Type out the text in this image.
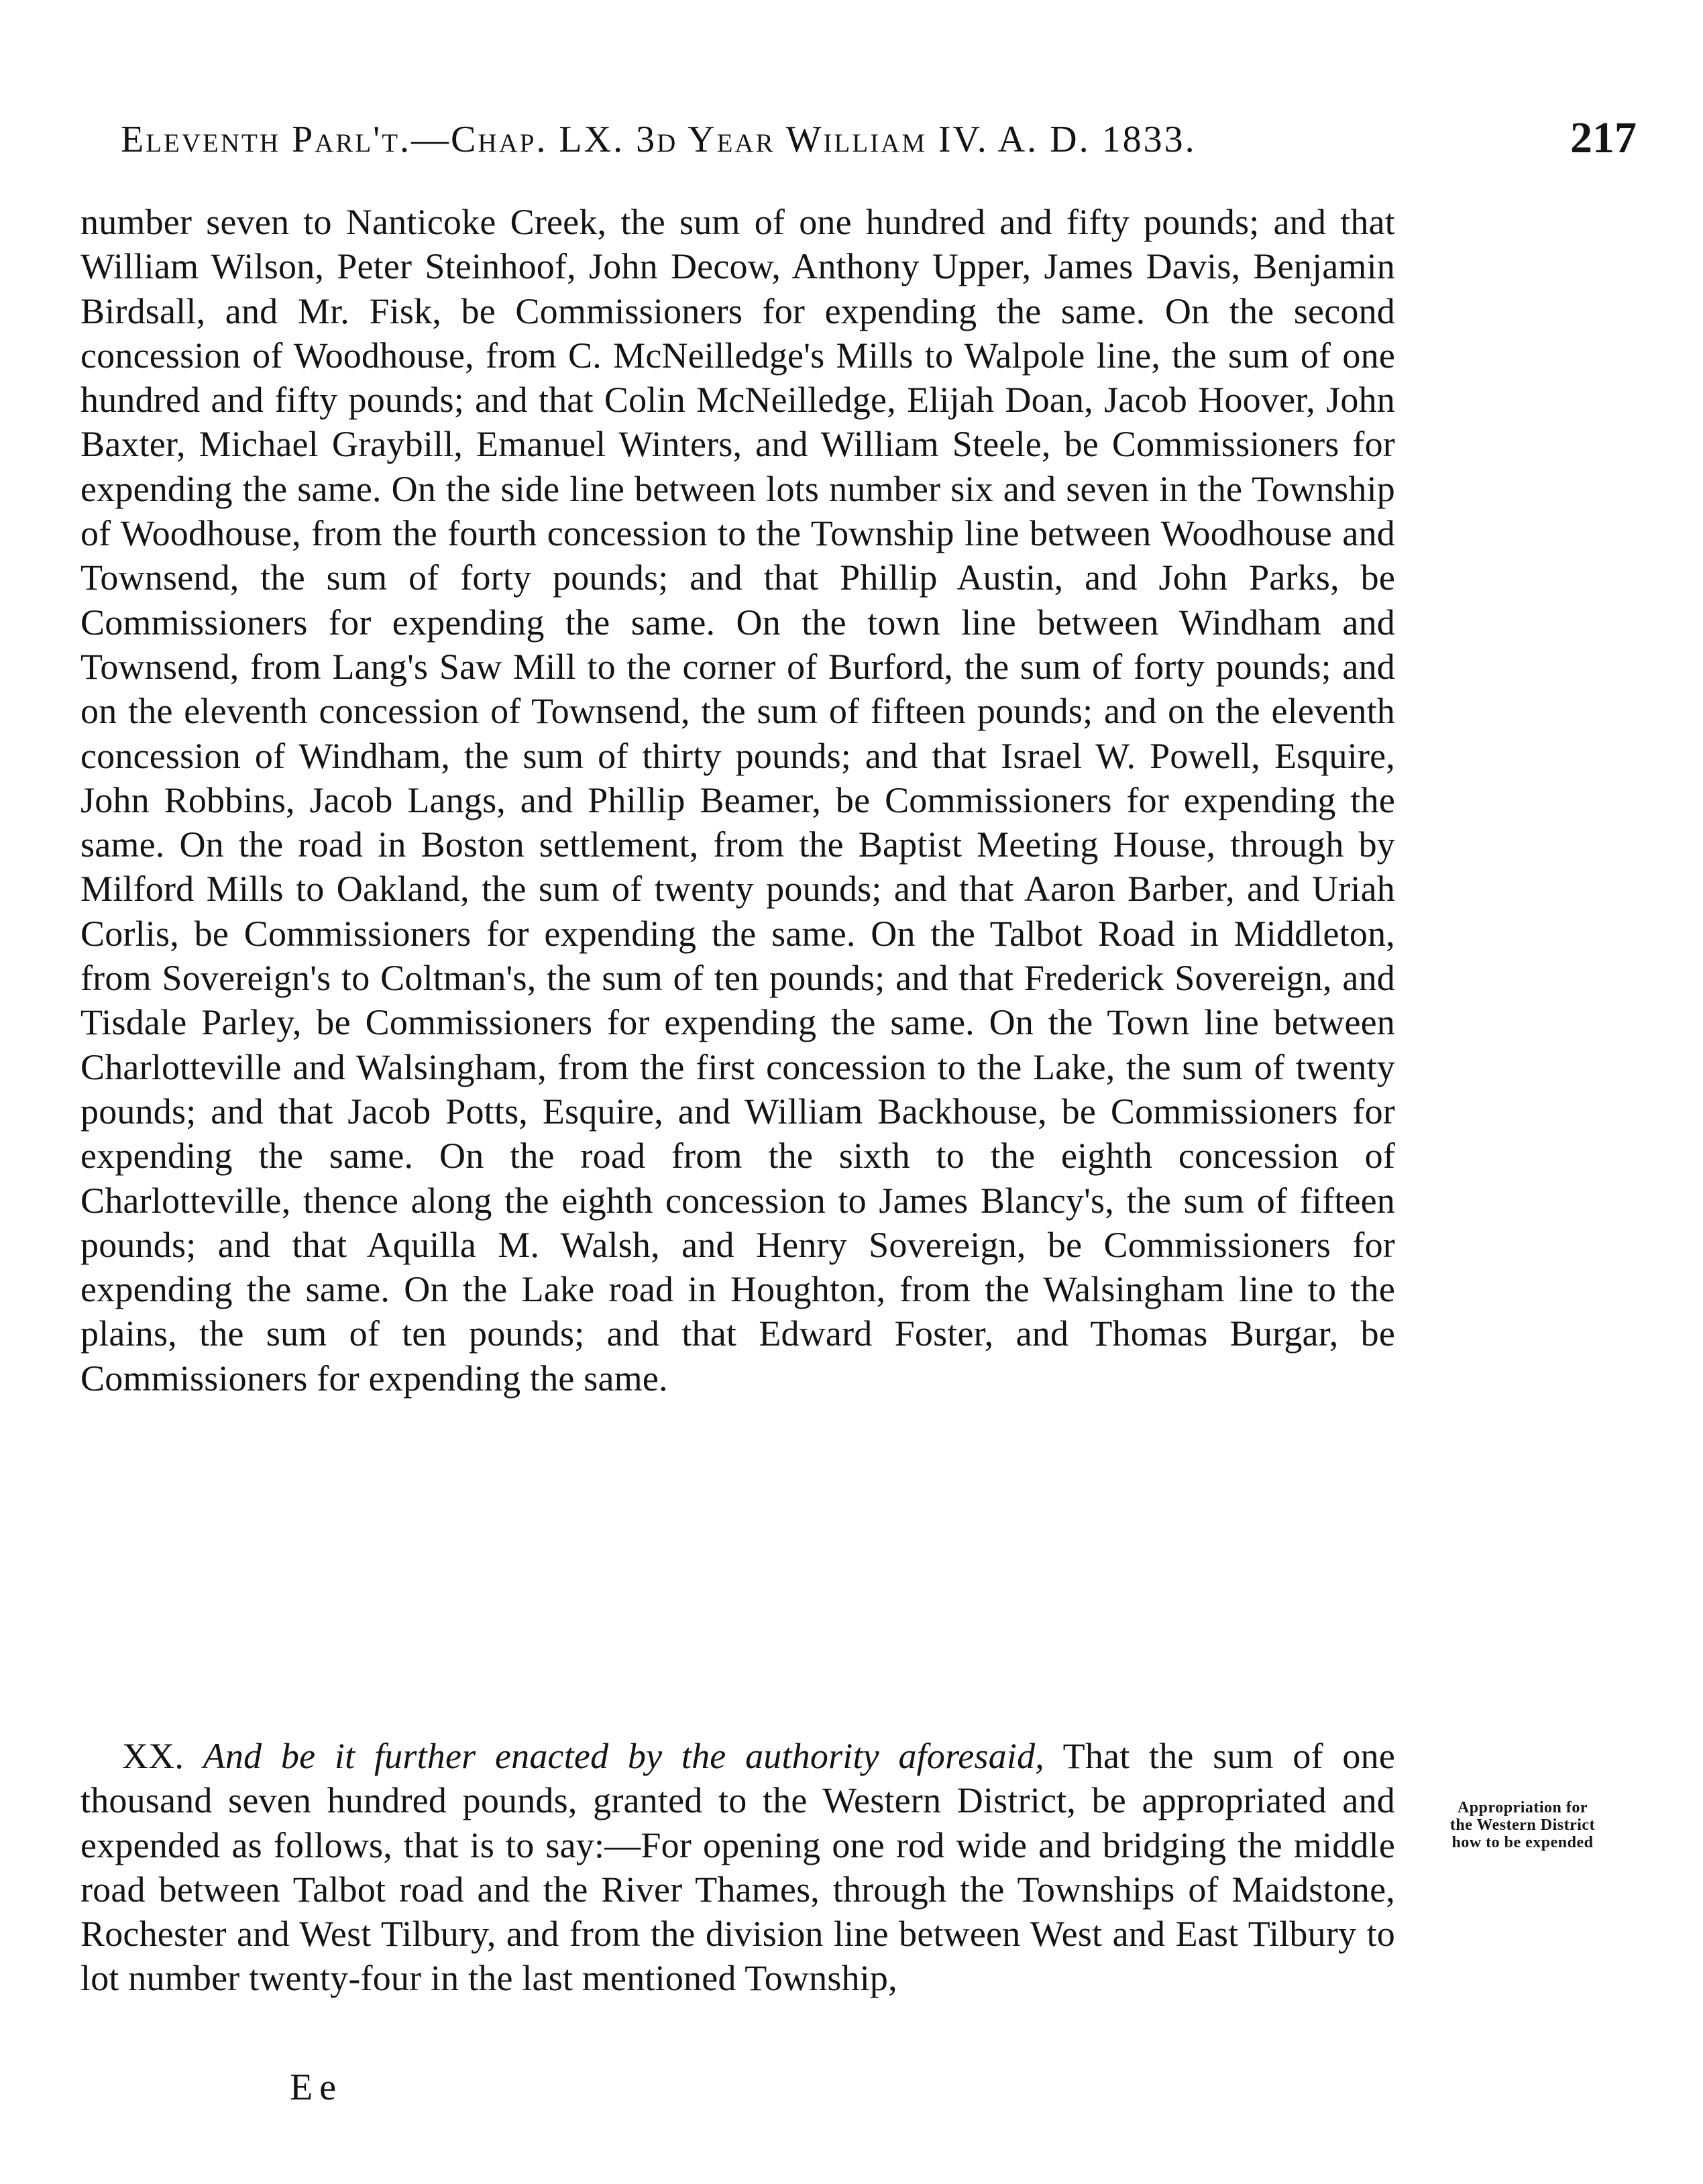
Eleventh Parl't.—Chap. LX. 3d Year William IV. A. D. 1833.	217

number seven to Nanticoke Creek, the sum of one hundred and fifty pounds; and that William Wilson, Peter Steinhoof, John Decow, Anthony Upper, James Davis, Benjamin Birdsall, and Mr. Fisk, be Commissioners for expending the same. On the second concession of Woodhouse, from C. McNeilledge's Mills to Walpole line, the sum of one hundred and fifty pounds; and that Colin McNeilledge, Elijah Doan, Jacob Hoover, John Baxter, Michael Graybill, Emanuel Winters, and William Steele, be Commissioners for expending the same. On the side line between lots number six and seven in the Township of Woodhouse, from the fourth concession to the Township line between Woodhouse and Townsend, the sum of forty pounds; and that Phillip Austin, and John Parks, be Commissioners for expending the same. On the town line between Windham and Townsend, from Lang's Saw Mill to the corner of Burford, the sum of forty pounds; and on the eleventh concession of Townsend, the sum of fifteen pounds; and on the eleventh concession of Windham, the sum of thirty pounds; and that Israel W. Powell, Esquire, John Robbins, Jacob Langs, and Phillip Beamer, be Commissioners for expending the same. On the road in Boston settlement, from the Baptist Meeting House, through by Milford Mills to Oakland, the sum of twenty pounds; and that Aaron Barber, and Uriah Corlis, be Commissioners for expending the same. On the Talbot Road in Middleton, from Sovereign's to Coltman's, the sum of ten pounds; and that Frederick Sovereign, and Tisdale Parley, be Commissioners for expending the same. On the Town line between Charlotteville and Walsingham, from the first concession to the Lake, the sum of twenty pounds; and that Jacob Potts, Esquire, and William Backhouse, be Commissioners for expending the same. On the road from the sixth to the eighth concession of Charlotteville, thence along the eighth concession to James Blancy's, the sum of fifteen pounds; and that Aquilla M. Walsh, and Henry Sovereign, be Commissioners for expending the same. On the Lake road in Houghton, from the Walsingham line to the plains, the sum of ten pounds; and that Edward Foster, and Thomas Burgar, be Commissioners for expending the same.

XX. And be it further enacted by the authority aforesaid, That the sum of one thousand seven hundred pounds, granted to the Western District, be appropriated and expended as follows, that is to say:—For opening one rod wide and bridging the middle road between Talbot road and the River Thames, through the Townships of Maidstone, Rochester and West Tilbury, and from the division line between West and East Tilbury to lot number twenty-four in the last mentioned Township,

Appropriation for
the Western District
how to be expended
Ee
